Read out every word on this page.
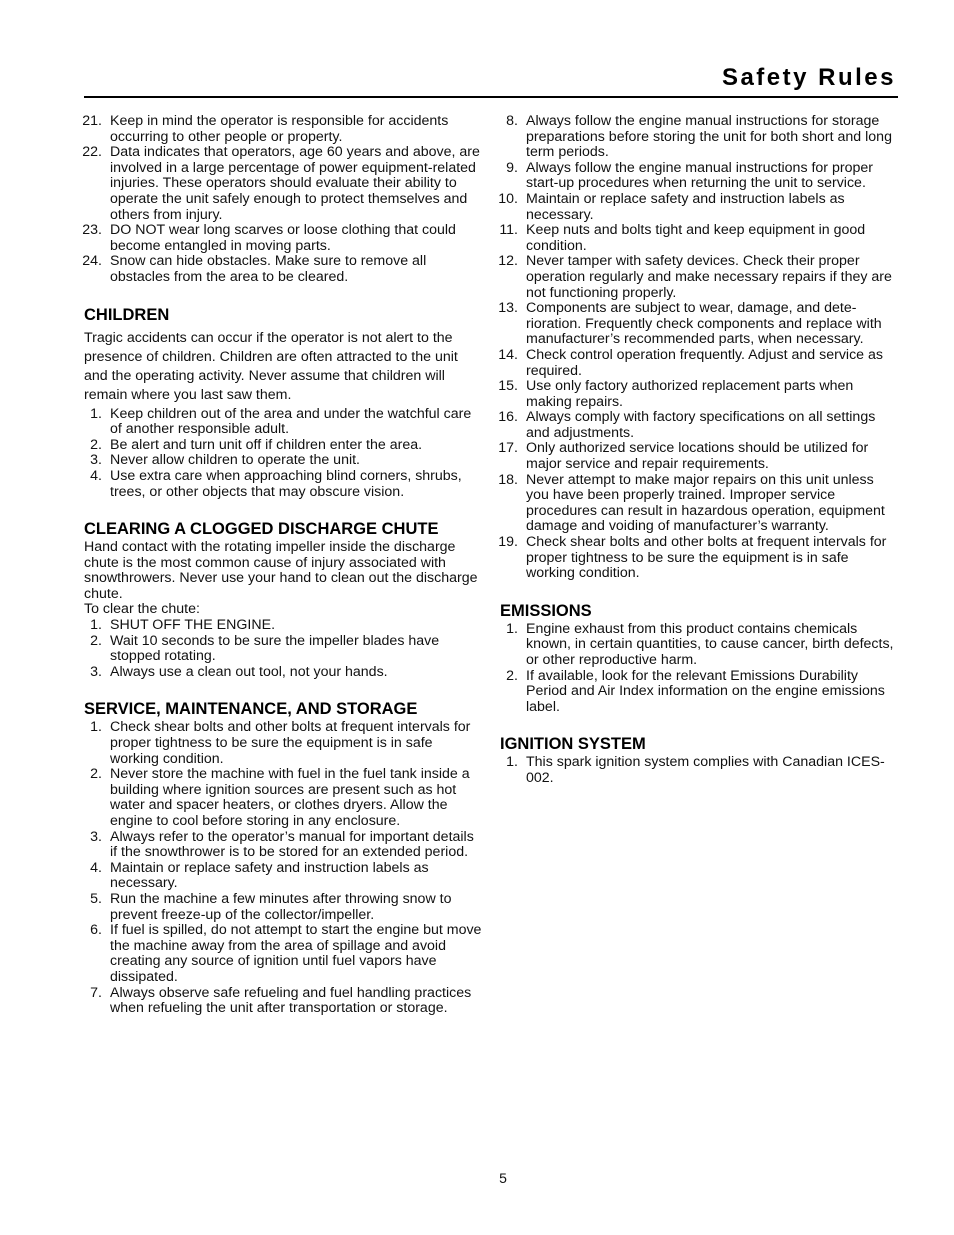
Safety Rules
21. Keep in mind the operator is responsible for accidents occurring to other people or property.
22. Data indicates that operators, age 60 years and above, are involved in a large percentage of power equipment-related injuries. These operators should evaluate their ability to operate the unit safely enough to protect themselves and others from injury.
23. DO NOT wear long scarves or loose clothing that could become entangled in moving parts.
24. Snow can hide obstacles. Make sure to remove all obstacles from the area to be cleared.
CHILDREN

Tragic accidents can occur if the operator is not alert to the presence of children. Children are often attracted to the unit and the operating activity. Never assume that children will remain where you last saw them.

1. Keep children out of the area and under the watchful care of another responsible adult.
2. Be alert and turn unit off if children enter the area.
3. Never allow children to operate the unit.
4. Use extra care when approaching blind corners, shrubs, trees, or other objects that may obscure vision.
CLEARING A CLOGGED DISCHARGE CHUTE

Hand contact with the rotating impeller inside the discharge chute is the most common cause of injury associated with snowthrowers. Never use your hand to clean out the discharge chute.

To clear the chute:

1. SHUT OFF THE ENGINE.
2. Wait 10 seconds to be sure the impeller blades have stopped rotating.
3. Always use a clean out tool, not your hands.
SERVICE, MAINTENANCE, AND STORAGE
1. Check shear bolts and other bolts at frequent intervals for proper tightness to be sure the equipment is in safe working condition.
2. Never store the machine with fuel in the fuel tank inside a building where ignition sources are present such as hot water and spacer heaters, or clothes dryers. Allow the engine to cool before storing in any enclosure.
3. Always refer to the operator’s manual for important details if the snowthrower is to be stored for an extended period.
4. Maintain or replace safety and instruction labels as necessary.
5. Run the machine a few minutes after throwing snow to prevent freeze-up of the collector/impeller.
6. If fuel is spilled, do not attempt to start the engine but move the machine away from the area of spillage and avoid creating any source of ignition until fuel vapors have dissipated.
7. Always observe safe refueling and fuel handling practices when refueling the unit after transportation or storage.
8. Always follow the engine manual instructions for storage preparations before storing the unit for both short and long term periods.
9. Always follow the engine manual instructions for proper start-up procedures when returning the unit to service.
10. Maintain or replace safety and instruction labels as necessary.
11. Keep nuts and bolts tight and keep equipment in good condition.
12. Never tamper with safety devices. Check their proper operation regularly and make necessary repairs if they are not functioning properly.
13. Components are subject to wear, damage, and deterioration. Frequently check components and replace with manufacturer’s recommended parts, when necessary.
14. Check control operation frequently. Adjust and service as required.
15. Use only factory authorized replacement parts when making repairs.
16. Always comply with factory specifications on all settings and adjustments.
17. Only authorized service locations should be utilized for major service and repair requirements.
18. Never attempt to make major repairs on this unit unless you have been properly trained. Improper service procedures can result in hazardous operation, equipment damage and voiding of manufacturer’s warranty.
19. Check shear bolts and other bolts at frequent intervals for proper tightness to be sure the equipment is in safe working condition.
EMISSIONS
1. Engine exhaust from this product contains chemicals known, in certain quantities, to cause cancer, birth defects, or other reproductive harm.
2. If available, look for the relevant Emissions Durability Period and Air Index information on the engine emissions label.
IGNITION SYSTEM
1. This spark ignition system complies with Canadian ICES-002.
5
